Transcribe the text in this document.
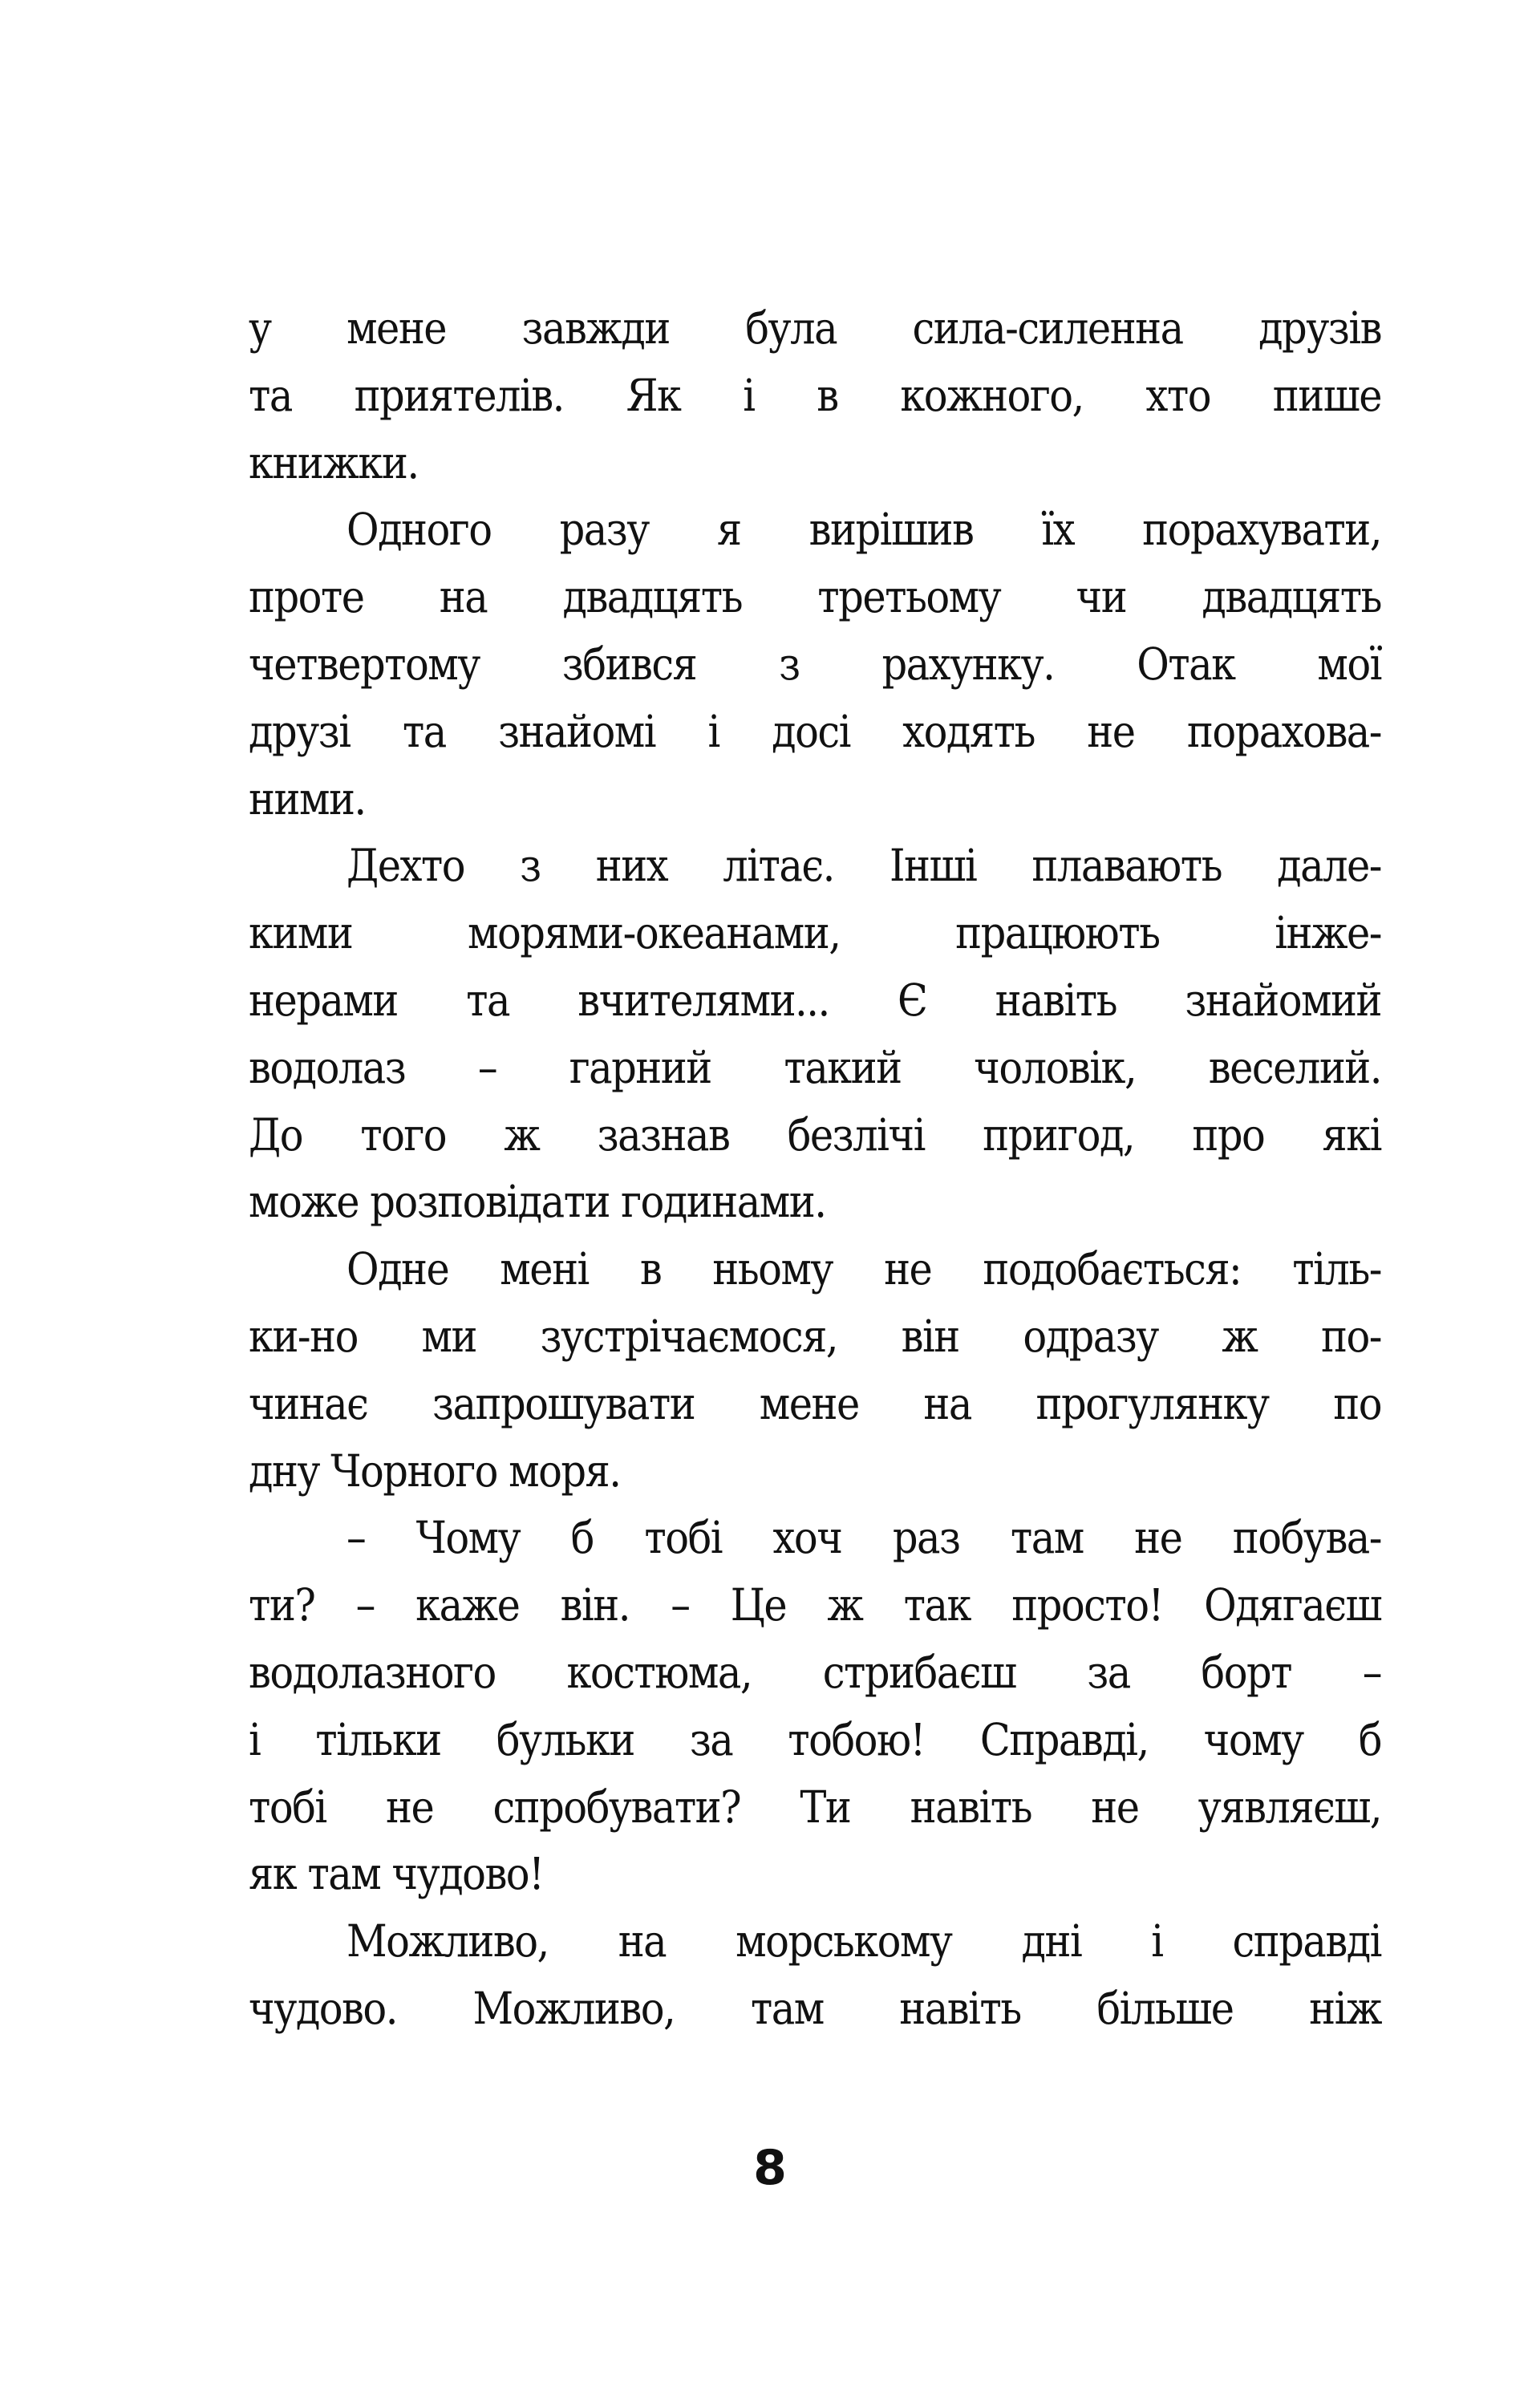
у мене завжди була сила-силенна друзів
та приятелів. Як і в кожного, хто пише
книжки.
Одного разу я вирішив їх порахувати,
проте на двадцять третьому чи двадцять
четвертому збився з рахунку. Отак мої
друзі та знайомі і досі ходять не порахова-
ними.
Дехто з них літає. Інші плавають дале-
кими морями-океанами, працюють інже-
нерами та вчителями... Є навіть знайомий
водолаз – гарний такий чоловік, веселий.
До того ж зазнав безлічі пригод, про які
може розповідати годинами.
Одне мені в ньому не подобається: тіль-
ки-но ми зустрічаємося, він одразу ж по-
чинає запрошувати мене на прогулянку по
дну Чорного моря.
– Чому б тобі хоч раз там не побува-
ти? – каже він. – Це ж так просто! Одягаєш
водолазного костюма, стрибаєш за борт –
і тільки бульки за тобою! Справді, чому б
тобі не спробувати? Ти навіть не уявляєш,
як там чудово!
Можливо, на морському дні і справді
чудово. Можливо, там навіть більше ніж
8
